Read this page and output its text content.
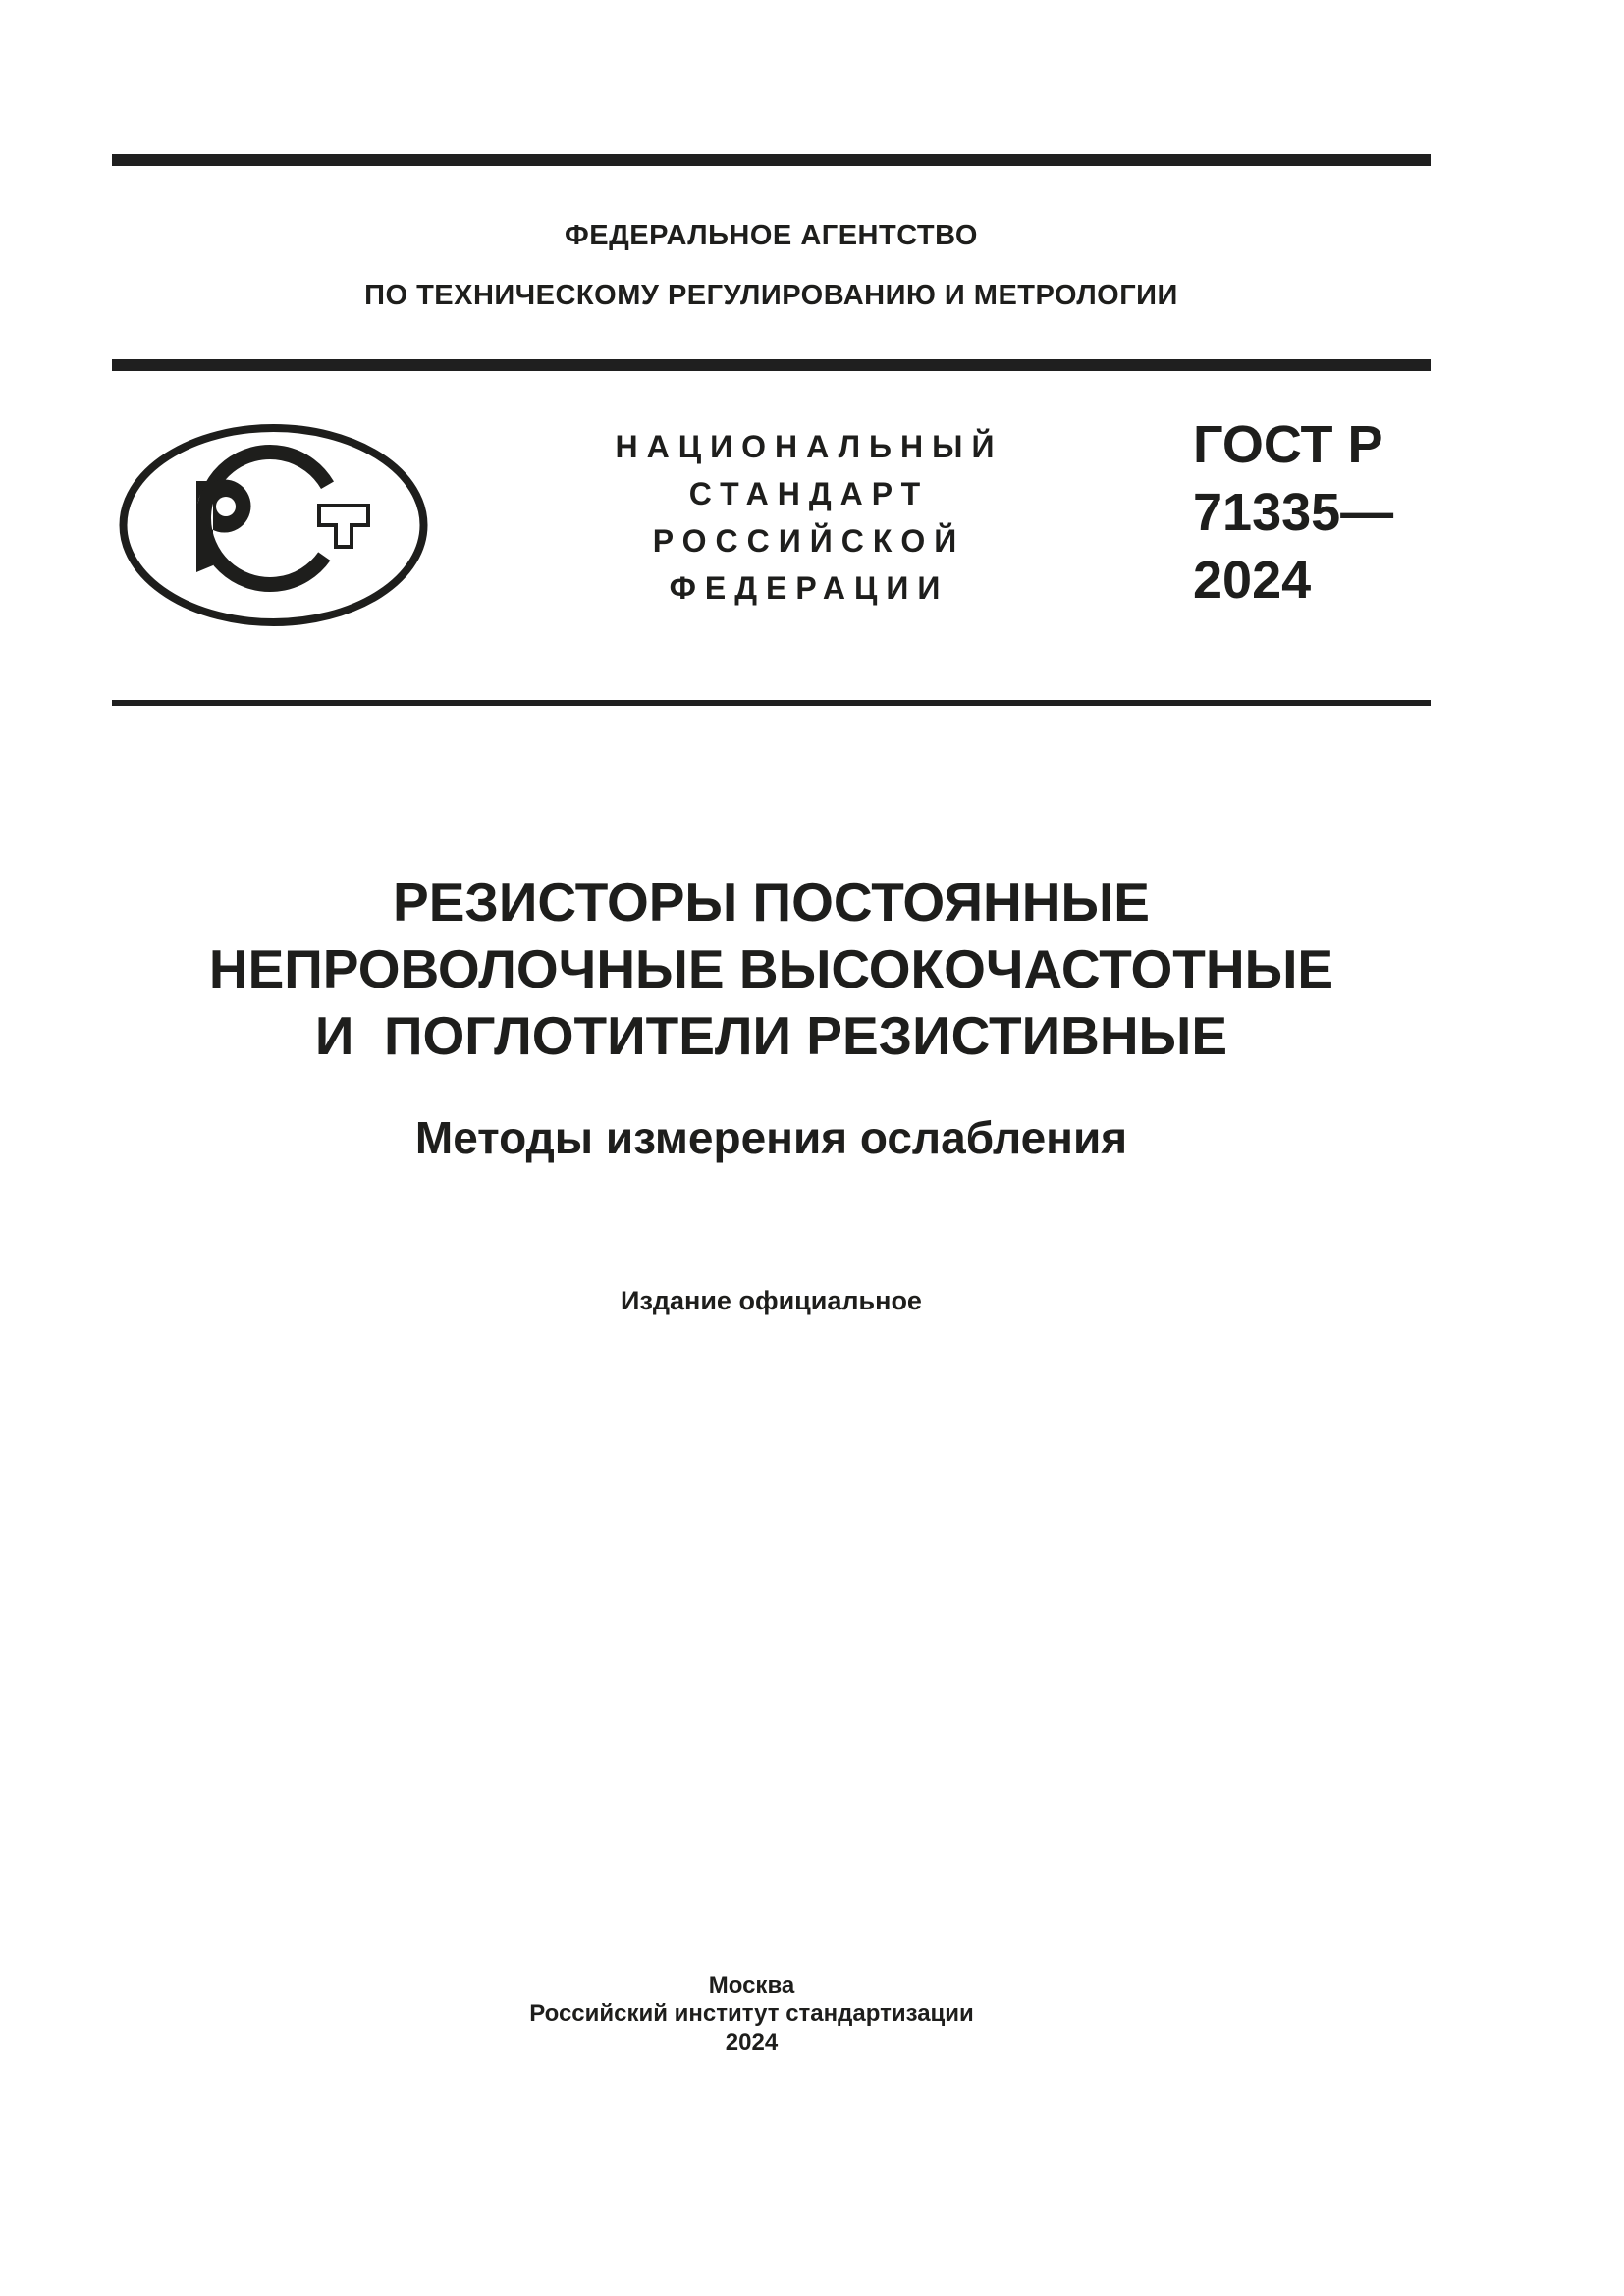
ФЕДЕРАЛЬНОЕ АГЕНТСТВО
ПО ТЕХНИЧЕСКОМУ РЕГУЛИРОВАНИЮ И МЕТРОЛОГИИ
НАЦИОНАЛЬНЫЙ
СТАНДАРТ
РОССИЙСКОЙ
ФЕДЕРАЦИИ
ГОСТ Р
71335—
2024
РЕЗИСТОРЫ ПОСТОЯННЫЕ
НЕПРОВОЛОЧНЫЕ ВЫСОКОЧАСТОТНЫЕ
И  ПОГЛОТИТЕЛИ РЕЗИСТИВНЫЕ
Методы измерения ослабления
Издание официальное
Москва
Российский институт стандартизации
2024
